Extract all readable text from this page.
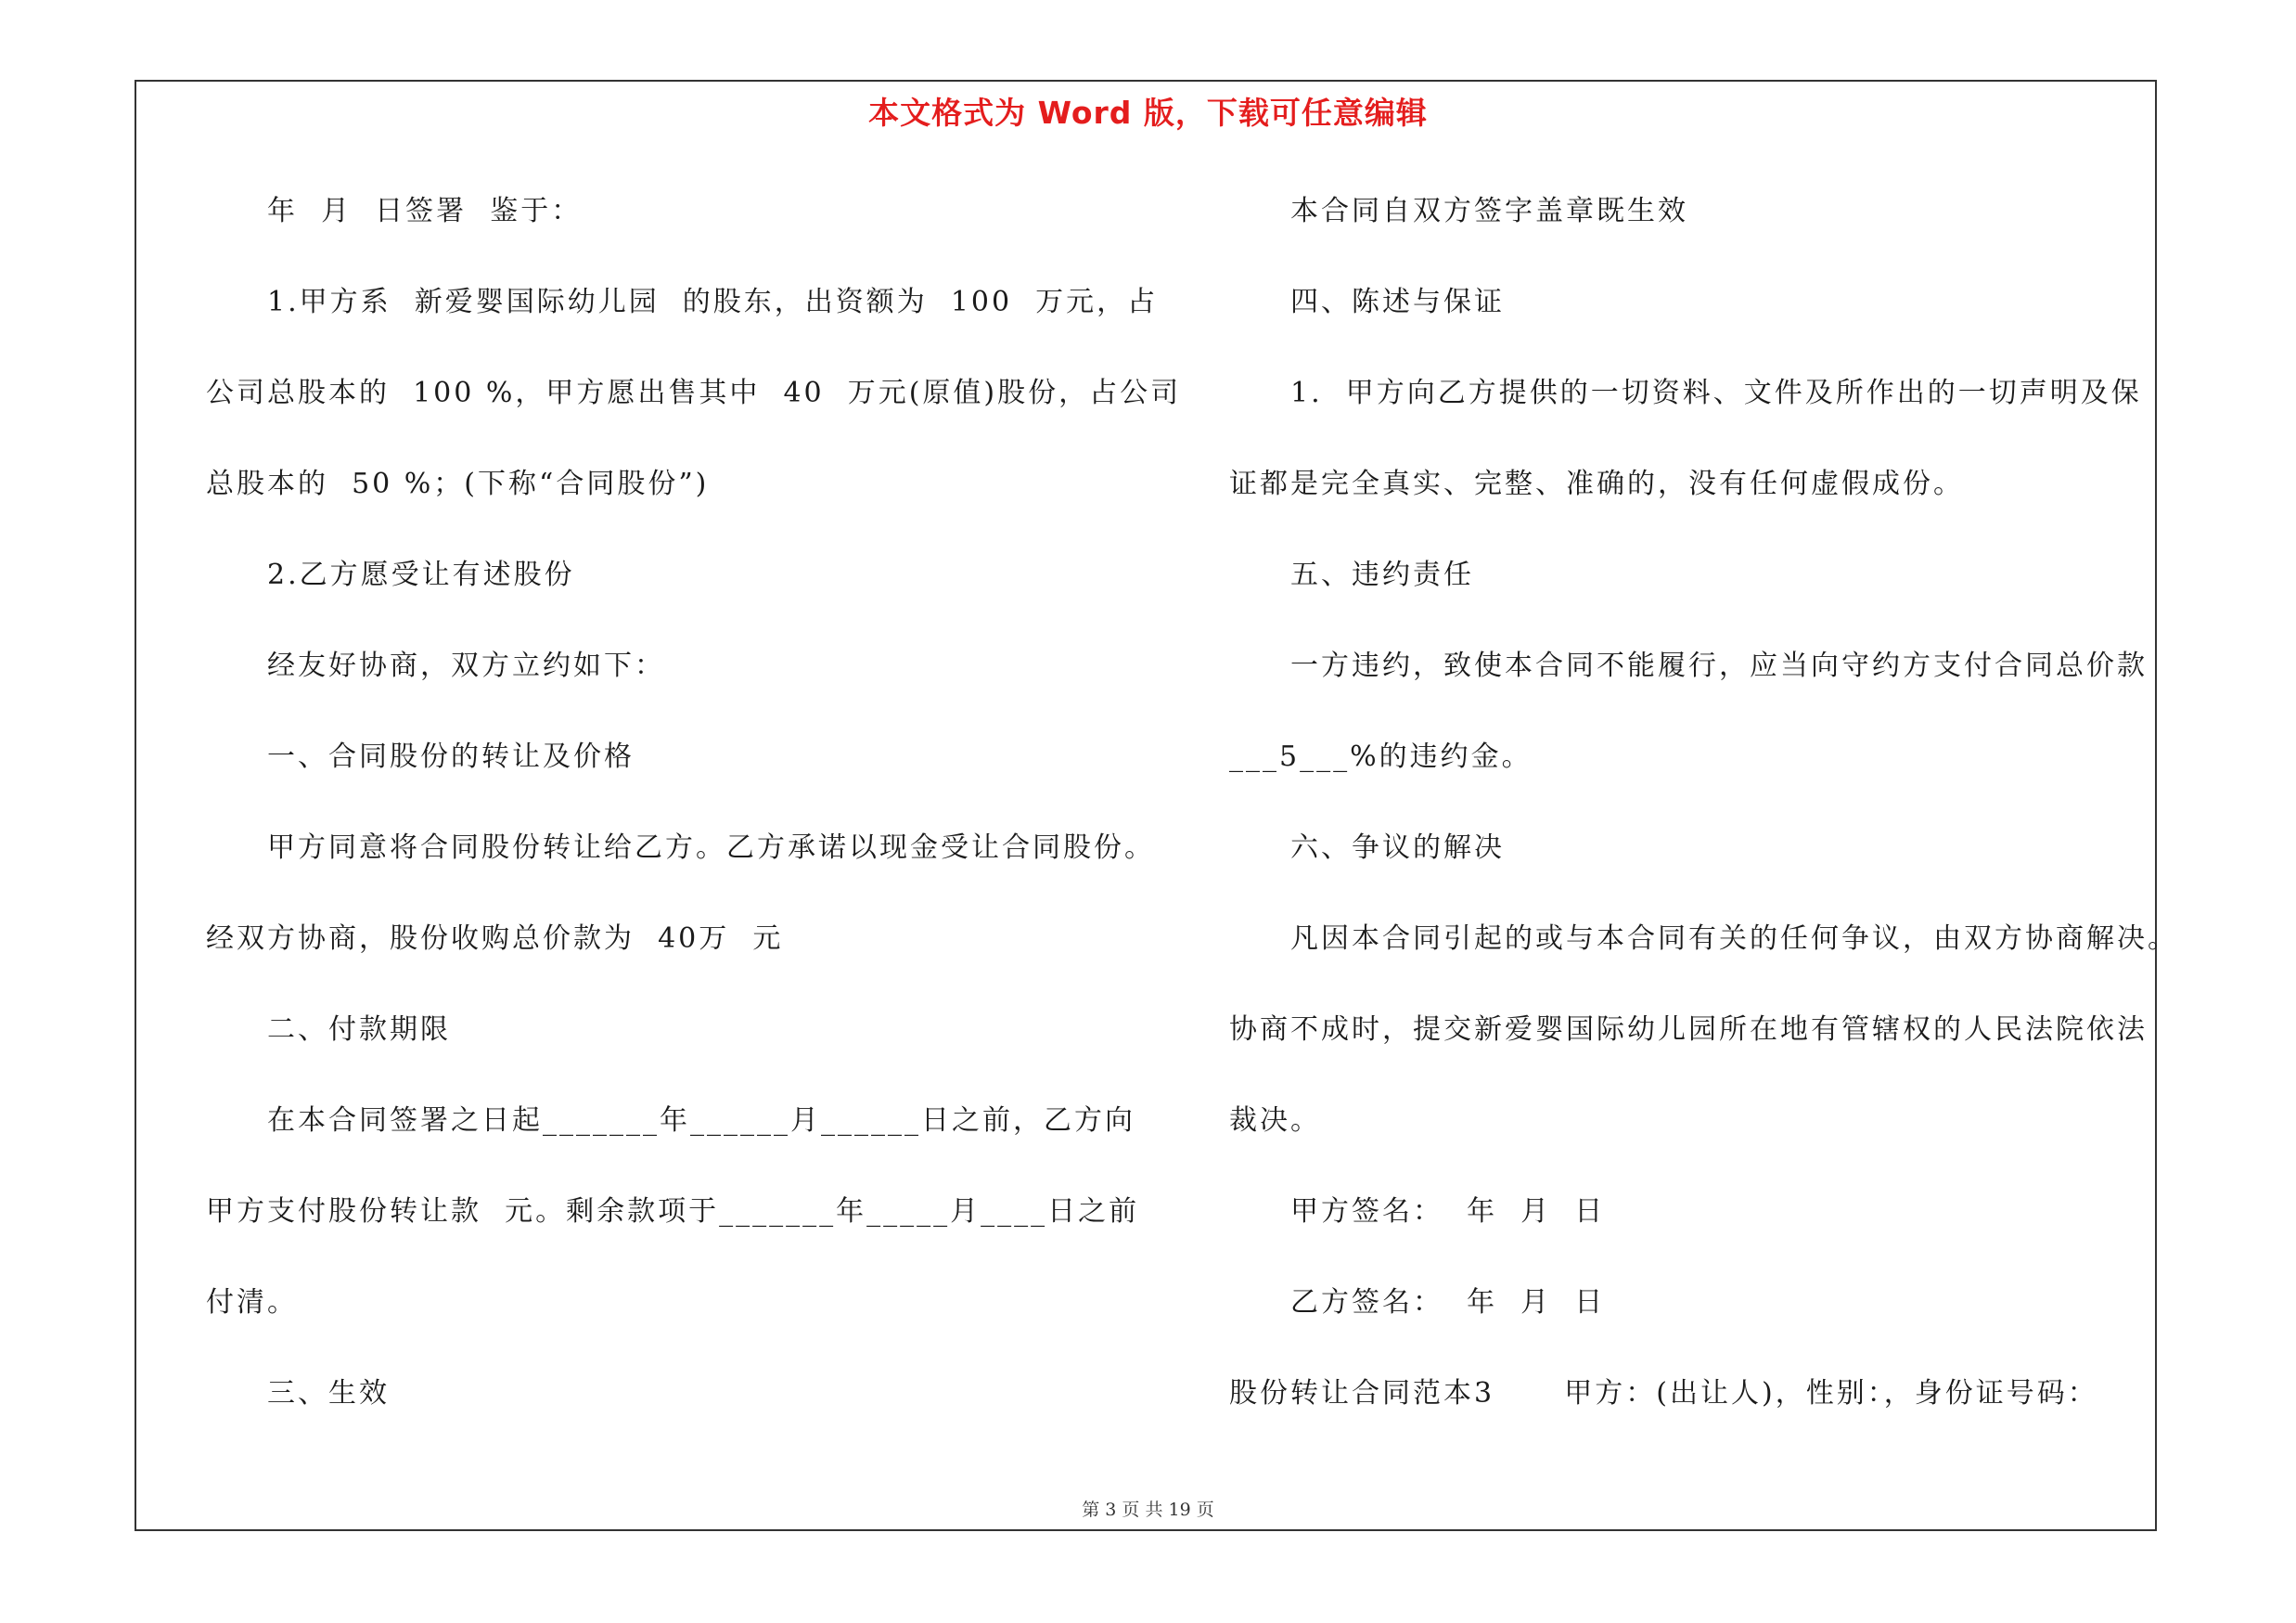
本文格式为 Word 版，下载可任意编辑
年  月  日签署  鉴于：
1.甲方系  新爱婴国际幼儿园  的股东，出资额为  100  万元，占
公司总股本的  100 %，甲方愿出售其中  40  万元(原值)股份，占公司
总股本的  50 %；(下称“合同股份”)
2.乙方愿受让有述股份
经友好协商，双方立约如下：
一、合同股份的转让及价格
甲方同意将合同股份转让给乙方。乙方承诺以现金受让合同股份。
经双方协商，股份收购总价款为  40万  元
二、付款期限
在本合同签署之日起_______年______月______日之前，乙方向
甲方支付股份转让款  元。剩余款项于_______年_____月____日之前
付清。
三、生效
本合同自双方签字盖章既生效
四、陈述与保证
1.  甲方向乙方提供的一切资料、文件及所作出的一切声明及保
证都是完全真实、完整、准确的，没有任何虚假成份。
五、违约责任
一方违约，致使本合同不能履行，应当向守约方支付合同总价款
___5___%的违约金。
六、争议的解决
凡因本合同引起的或与本合同有关的任何争议，由双方协商解决。
协商不成时，提交新爱婴国际幼儿园所在地有管辖权的人民法院依法
裁决。
甲方签名：  年  月  日
乙方签名：  年  月  日
股份转让合同范本3      甲方：(出让人)，性别：，身份证号码：
第 3 页 共 19 页
